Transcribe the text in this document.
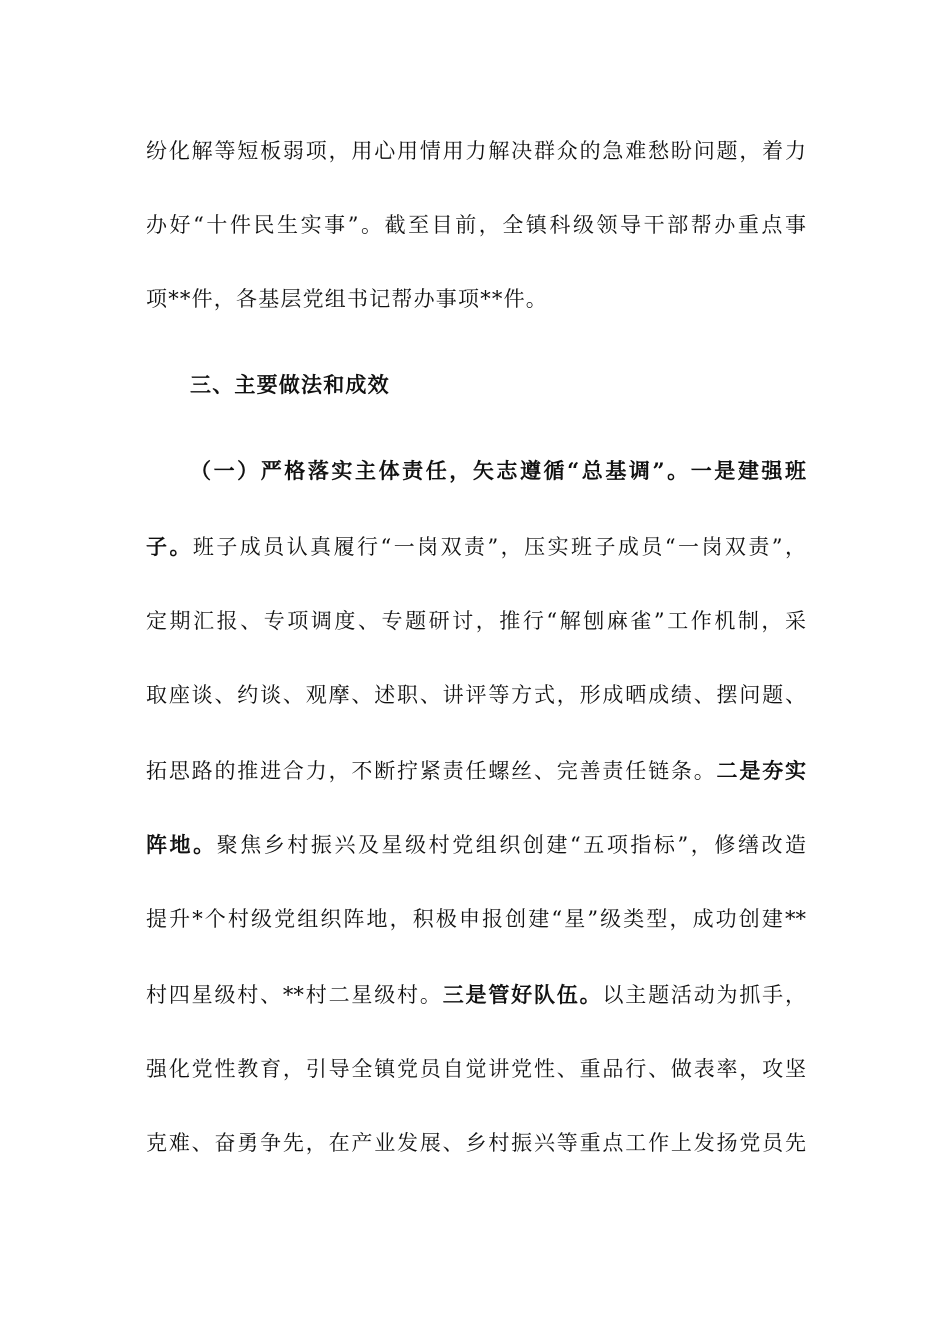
纷化解等短板弱项，用心用情用力解决群众的急难愁盼问题，着力
办好“十件民生实事”。截至目前，全镇科级领导干部帮办重点事
项**件，各基层党组书记帮办事项**件。
三、主要做法和成效
（一）严格落实主体责任，矢志遵循“总基调”。一是建强班
子。班子成员认真履行“一岗双责”，压实班子成员“一岗双责”，
定期汇报、专项调度、专题研讨，推行“解刨麻雀”工作机制，采
取座谈、约谈、观摩、述职、讲评等方式，形成晒成绩、摆问题、
拓思路的推进合力，不断拧紧责任螺丝、完善责任链条。二是夯实
阵地。聚焦乡村振兴及星级村党组织创建“五项指标”，修缮改造
提升*个村级党组织阵地，积极申报创建“星”级类型，成功创建**
村四星级村、**村二星级村。三是管好队伍。以主题活动为抓手，
强化党性教育，引导全镇党员自觉讲党性、重品行、做表率，攻坚
克难、奋勇争先，在产业发展、乡村振兴等重点工作上发扬党员先
